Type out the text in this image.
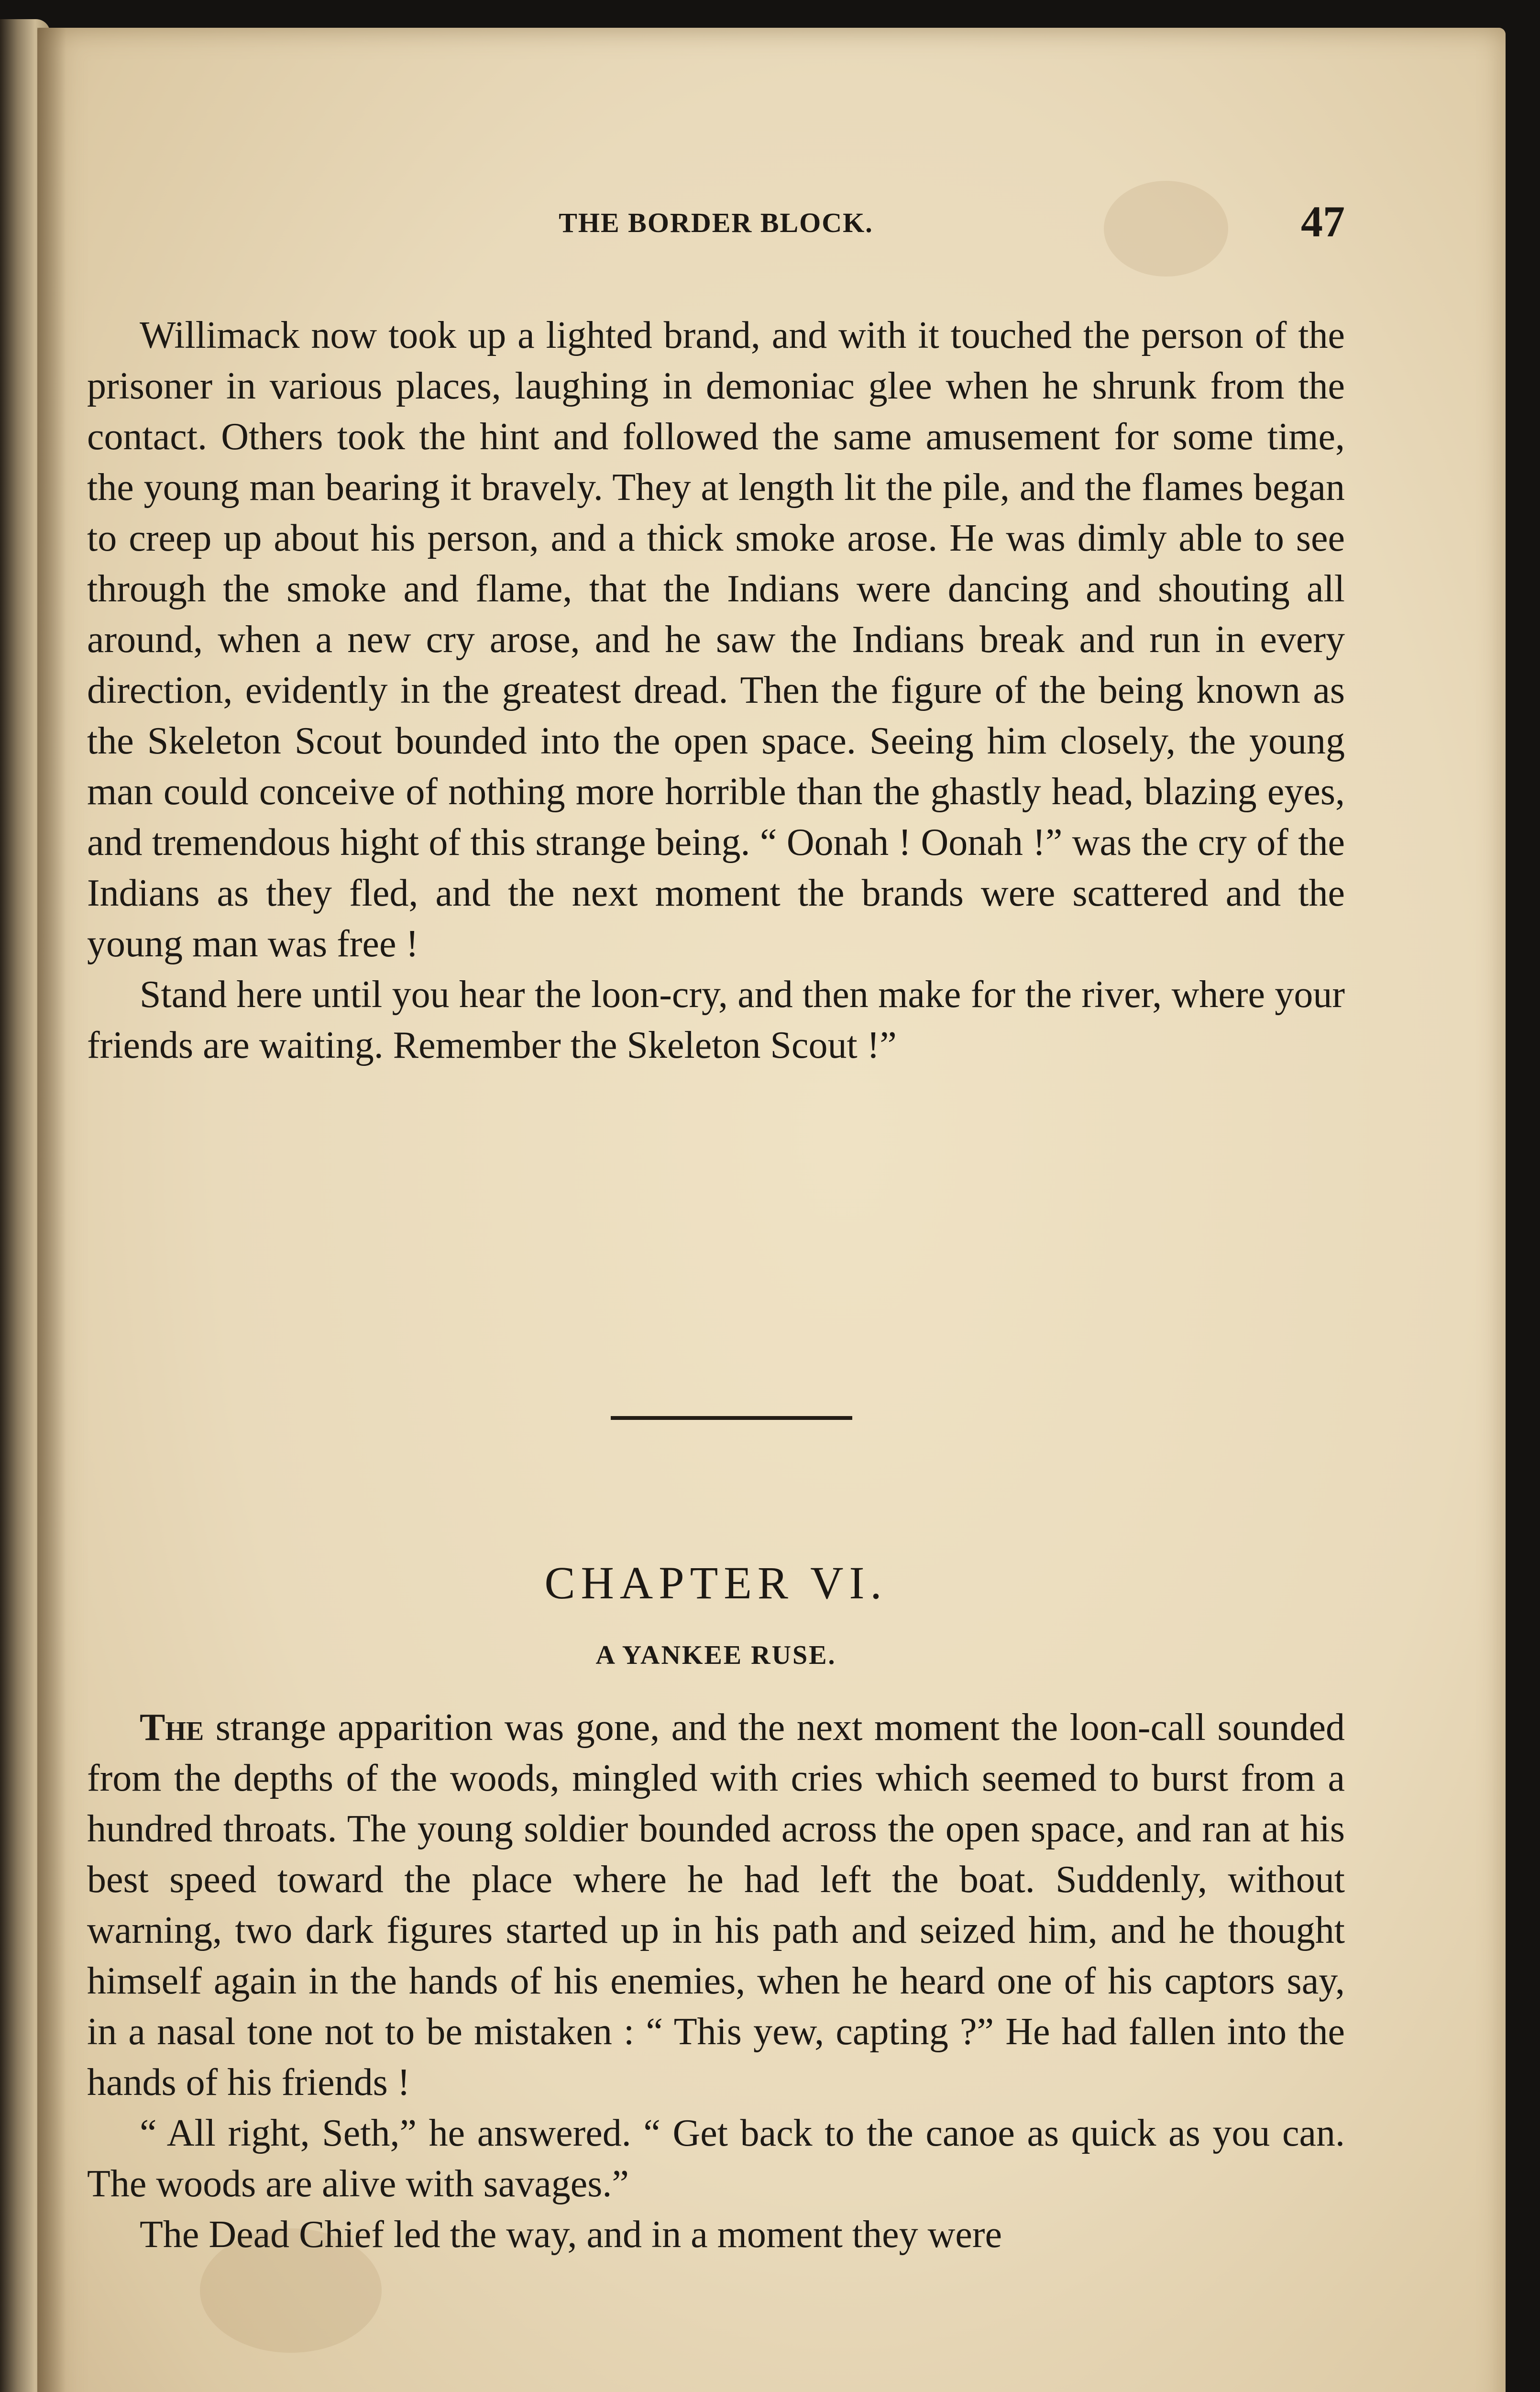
THE BORDER BLOCK.	47

Willimack now took up a lighted brand, and with it touched the person of the prisoner in various places, laughing in demoniac glee when he shrunk from the contact. Others took the hint and followed the same amusement for some time, the young man bearing it bravely. They at length lit the pile, and the flames began to creep up about his person, and a thick smoke arose. He was dimly able to see through the smoke and flame, that the Indians were dancing and shouting all around, when a new cry arose, and he saw the Indians break and run in every direction, evidently in the greatest dread. Then the figure of the being known as the Skeleton Scout bounded into the open space. Seeing him closely, the young man could conceive of nothing more horrible than the ghastly head, blazing eyes, and tremendous hight of this strange being. “ Oonah ! Oonah !” was the cry of the Indians as they fled, and the next moment the brands were scattered and the young man was free !

Stand here until you hear the loon-cry, and then make for the river, where your friends are waiting. Remember the Skeleton Scout !”

CHAPTER VI.
A YANKEE RUSE.

The strange apparition was gone, and the next moment the loon-call sounded from the depths of the woods, mingled with cries which seemed to burst from a hundred throats. The young soldier bounded across the open space, and ran at his best speed toward the place where he had left the boat. Suddenly, without warning, two dark figures started up in his path and seized him, and he thought himself again in the hands of his enemies, when he heard one of his captors say, in a nasal tone not to be mistaken : “ This yew, capting ?” He had fallen into the hands of his friends !

“ All right, Seth,” he answered. “ Get back to the canoe as quick as you can. The woods are alive with savages.”

The Dead Chief led the way, and in a moment they were
